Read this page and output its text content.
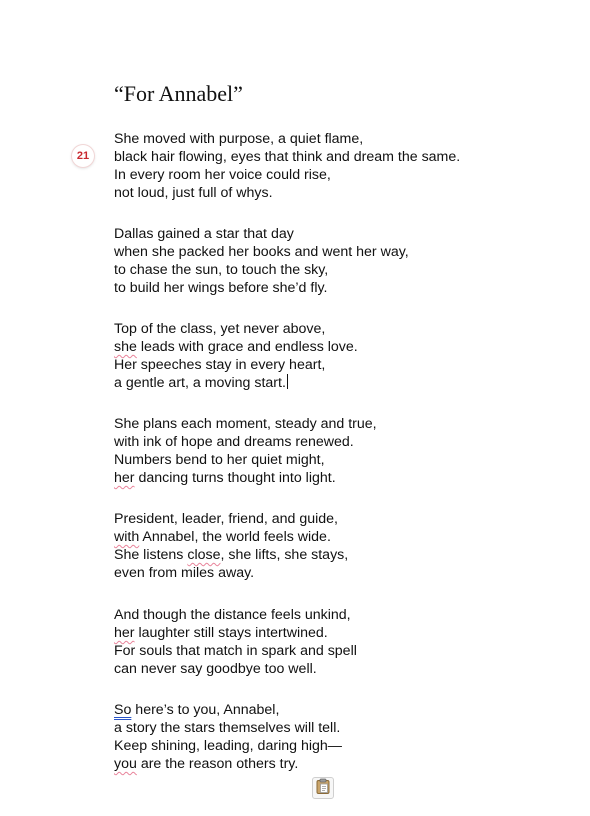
“For Annabel”
21
She moved with purpose, a quiet flame,
black hair flowing, eyes that think and dream the same.
In every room her voice could rise,
not loud, just full of whys.
Dallas gained a star that day
when she packed her books and went her way,
to chase the sun, to touch the sky,
to build her wings before she’d fly.
Top of the class, yet never above,
she leads with grace and endless love.
Her speeches stay in every heart,
a gentle art, a moving start.
She plans each moment, steady and true,
with ink of hope and dreams renewed.
Numbers bend to her quiet might,
her dancing turns thought into light.
President, leader, friend, and guide,
with Annabel, the world feels wide.
She listens close, she lifts, she stays,
even from miles away.
And though the distance feels unkind,
her laughter still stays intertwined.
For souls that match in spark and spell
can never say goodbye too well.
So here’s to you, Annabel,
a story the stars themselves will tell.
Keep shining, leading, daring high—
you are the reason others try.
